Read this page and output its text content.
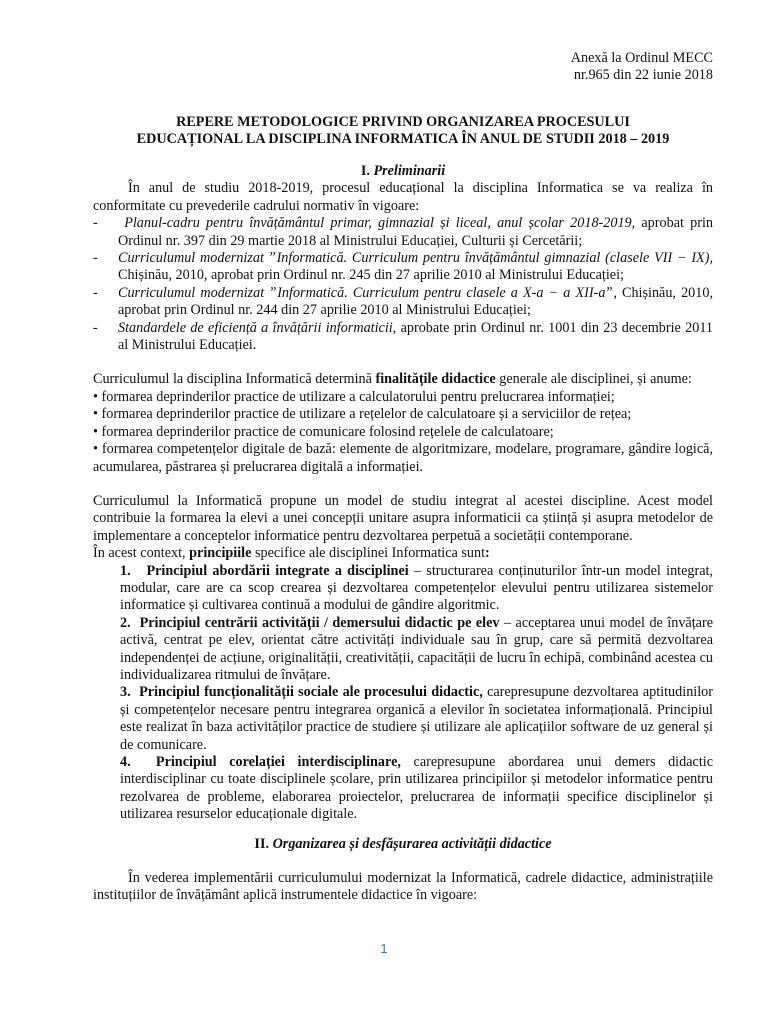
Anexă la Ordinul MECC
nr.965 din 22 iunie 2018
REPERE METODOLOGICE PRIVIND ORGANIZAREA PROCESULUI
EDUCAȚIONAL LA DISCIPLINA INFORMATICA ÎN ANUL DE STUDII 2018 – 2019
I. Preliminarii

În anul de studiu 2018-2019, procesul educațional la disciplina Informatica se va realiza în conformitate cu prevederile cadrului normativ în vigoare:

- Planul-cadru pentru învățământul primar, gimnazial și liceal, anul școlar 2018-2019, aprobat prin Ordinul nr. 397 din 29 martie 2018 al Ministrului Educației, Culturii și Cercetării;
- Curriculumul modernizat ˮInformatică. Curriculum pentru învățământul gimnazial (clasele VII − IX), Chișinău, 2010, aprobat prin Ordinul nr. 245 din 27 aprilie 2010 al Ministrului Educației;
- Curriculumul modernizat ˮInformatică. Curriculum pentru clasele a X-a − a XII-aˮ, Chișinău, 2010, aprobat prin Ordinul nr. 244 din 27 aprilie 2010 al Ministrului Educației;
- Standardele de eficiență a învățării informaticii, aprobate prin Ordinul nr. 1001 din 23 decembrie 2011 al Ministrului Educației.

Curriculumul la disciplina Informatică determină finalitățile didactice generale ale disciplinei, și anume:

• formarea deprinderilor practice de utilizare a calculatorului pentru prelucrarea informației;
• formarea deprinderilor practice de utilizare a rețelelor de calculatoare și a serviciilor de rețea;
• formarea deprinderilor practice de comunicare folosind rețelele de calculatoare;

• formarea competențelor digitale de bază: elemente de algoritmizare, modelare, programare, gândire logică, acumularea, păstrarea și prelucrarea digitală a informației.

Curriculumul la Informatică propune un model de studiu integrat al acestei discipline. Acest model contribuie la formarea la elevi a unei concepții unitare asupra informaticii ca știință și asupra metodelor de implementare a conceptelor informatice pentru dezvoltarea perpetuă a societății contemporane.

În acest context, principiile specifice ale disciplinei Informatica sunt:

1. Principiul abordării integrate a disciplinei – structurarea conținuturilor într-un model integrat, modular, care are ca scop crearea și dezvoltarea competențelor elevului pentru utilizarea sistemelor informatice și cultivarea continuă a modului de gândire algoritmic.
2. Principiul centrării activității / demersului didactic pe elev – acceptarea unui model de învățare activă, centrat pe elev, orientat către activități individuale sau în grup, care să permită dezvoltarea independenței de acțiune, originalității, creativității, capacității de lucru în echipă, combinând acestea cu individualizarea ritmului de învățare.
3. Principiul funcționalității sociale ale procesului didactic, carepresupune dezvoltarea aptitudinilor și competențelor necesare pentru integrarea organică a elevilor în societatea informațională. Principiul este realizat în baza activităților practice de studiere și utilizare ale aplicațiilor software de uz general și de comunicare.
4. Principiul corelației interdisciplinare, carepresupune abordarea unui demers didactic interdisciplinar cu toate disciplinele școlare, prin utilizarea principiilor și metodelor informatice pentru rezolvarea de probleme, elaborarea proiectelor, prelucrarea de informații specifice disciplinelor și utilizarea resurselor educaționale digitale.
II. Organizarea și desfășurarea activității didactice

În vederea implementării curriculumului modernizat la Informatică, cadrele didactice, administrațiile instituțiilor de învățământ aplică instrumentele didactice în vigoare:

1
